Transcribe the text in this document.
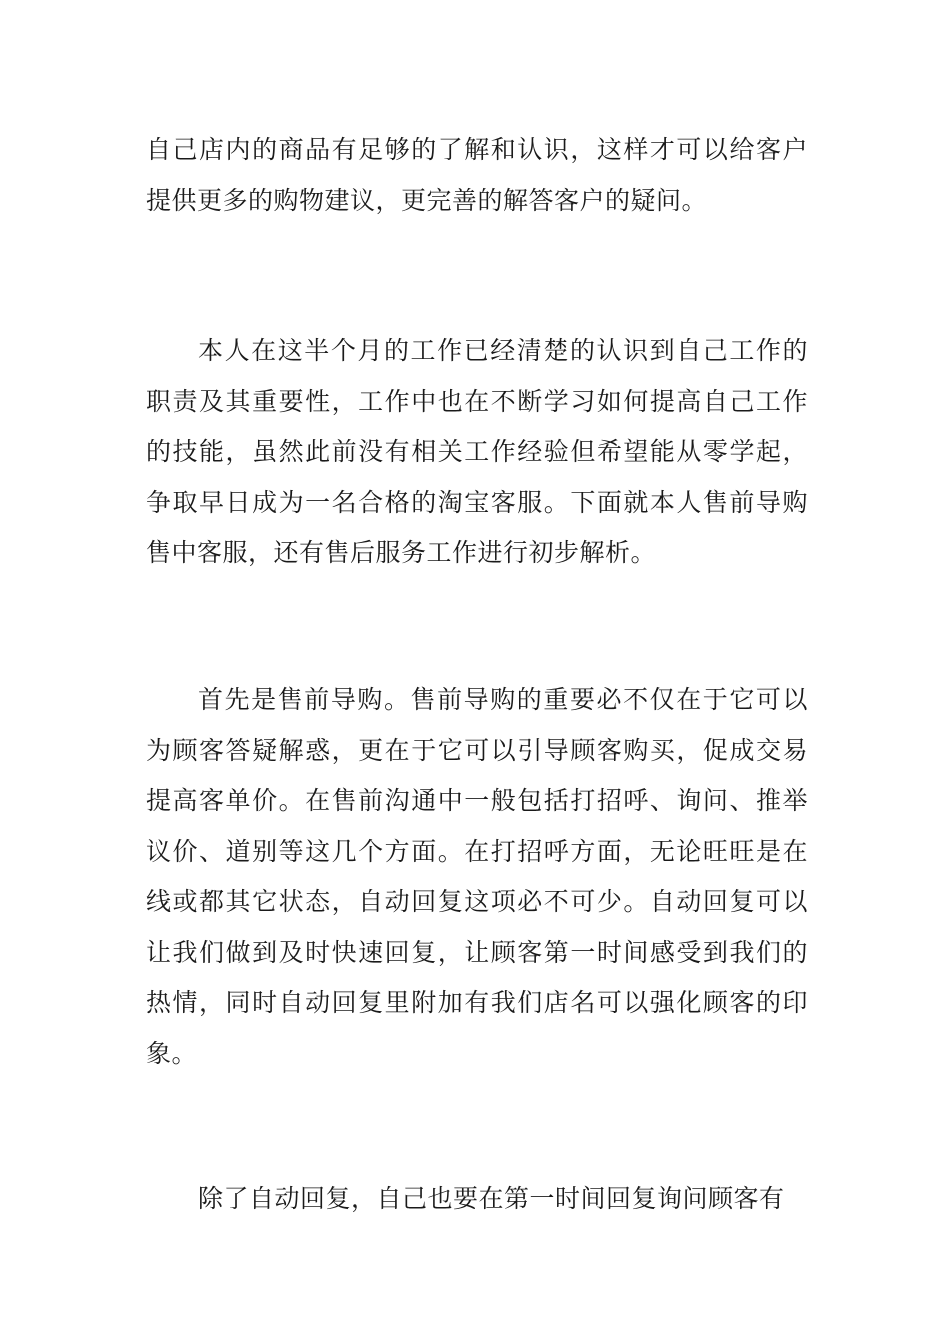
自己店内的商品有足够的了解和认识，这样才可以给客户提供更多的购物建议，更完善的解答客户的疑问。

本人在这半个月的工作已经清楚的认识到自己工作的职责及其重要性，工作中也在不断学习如何提高自己工作的技能，虽然此前没有相关工作经验但希望能从零学起，争取早日成为一名合格的淘宝客服。下面就本人售前导购售中客服，还有售后服务工作进行初步解析。

首先是售前导购。售前导购的重要必不仅在于它可以为顾客答疑解惑，更在于它可以引导顾客购买，促成交易提高客单价。在售前沟通中一般包括打招呼、询问、推举议价、道别等这几个方面。在打招呼方面，无论旺旺是在线或都其它状态，自动回复这项必不可少。自动回复可以让我们做到及时快速回复，让顾客第一时间感受到我们的热情，同时自动回复里附加有我们店名可以强化顾客的印象。

除了自动回复，自己也要在第一时间回复询问顾客有
